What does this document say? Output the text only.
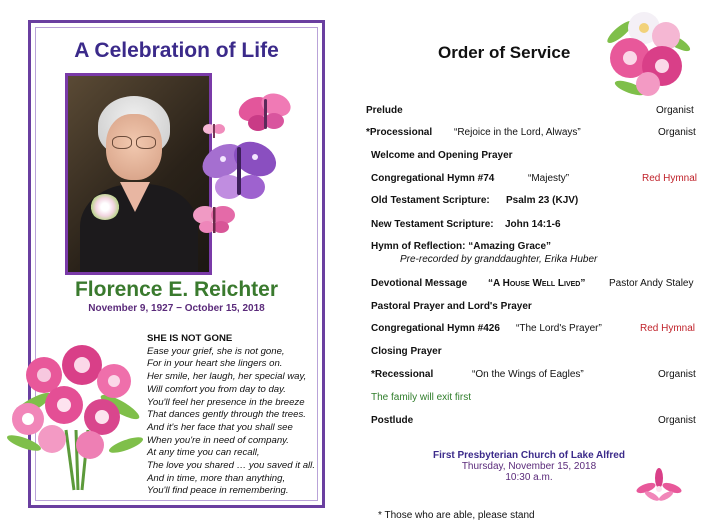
A Celebration of Life
Florence E. Reichter
November 9, 1927 − October 15, 2018
SHE IS NOT GONE
Ease your grief, she is not gone,
For in your heart she lingers on.
Her smile, her laugh, her special way,
Will comfort you from day to day.
You'll feel her presence in the breeze
That dances gently through the trees.
And it's her face that you shall see
When you're in need of company.
At any time you can recall,
The love you shared … you saved it all.
And in time, more than anything,
You'll find peace in remembering.
Order of Service
Prelude	Organist
*Processional “Rejoice in the Lord, Always”	Organist
Welcome and Opening Prayer
Congregational Hymn #74	“Majesty”	Red Hymnal
Old Testament Scripture: Psalm 23 (KJV)
New Testament Scripture: John 14:1-6
Hymn of Reflection: “Amazing Grace”
Pre-recorded by granddaughter, Erika Huber
Devotional Message “A House Well Lived” Pastor Andy Staley
Pastoral Prayer and Lord's Prayer
Congregational Hymn #426 “The Lord's Prayer”	Red Hymnal
Closing Prayer
*Recessional	“On the Wings of Eagles”	Organist
The family will exit first
Postlude	Organist
First Presbyterian Church of Lake Alfred
Thursday, November 15, 2018
10:30 a.m.
* Those who are able, please stand
